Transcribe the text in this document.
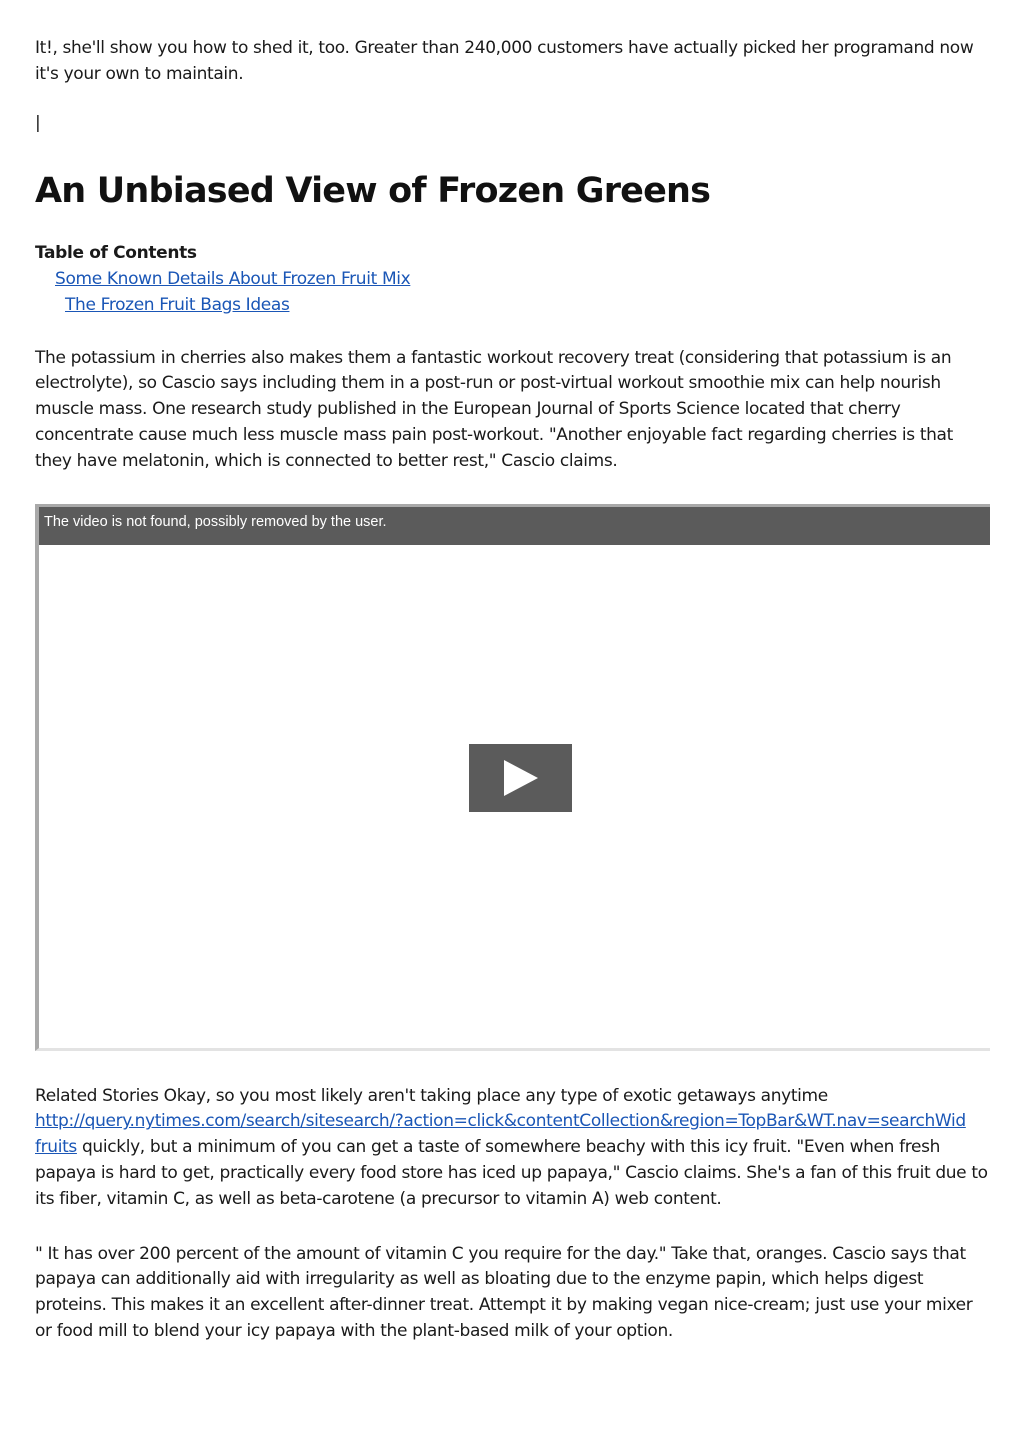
It!, she'll show you how to shed it, too. Greater than 240,000 customers have actually picked her programand now it's your own to maintain.

|
An Unbiased View of Frozen Greens
Table of Contents
Some Known Details About Frozen Fruit Mix
The Frozen Fruit Bags Ideas

The potassium in cherries also makes them a fantastic workout recovery treat (considering that potassium is an electrolyte), so Cascio says including them in a post-run or post-virtual workout smoothie mix can help nourish muscle mass. One research study published in the European Journal of Sports Science located that cherry concentrate cause much less muscle mass pain post-workout. "Another enjoyable fact regarding cherries is that they have melatonin, which is connected to better rest," Cascio claims.

The video is not found, possibly removed by the user.

Related Stories Okay, so you most likely aren't taking place any type of exotic getaways anytime http://query.nytimes.com/search/sitesearch/?action=click&contentCollection&region=TopBar&WT.nav=searchWid fruits quickly, but a minimum of you can get a taste of somewhere beachy with this icy fruit. "Even when fresh papaya is hard to get, practically every food store has iced up papaya," Cascio claims. She's a fan of this fruit due to its fiber, vitamin C, as well as beta-carotene (a precursor to vitamin A) web content.

" It has over 200 percent of the amount of vitamin C you require for the day." Take that, oranges. Cascio says that papaya can additionally aid with irregularity as well as bloating due to the enzyme papin, which helps digest proteins. This makes it an excellent after-dinner treat. Attempt it by making vegan nice-cream; just use your mixer or food mill to blend your icy papaya with the plant-based milk of your option.
